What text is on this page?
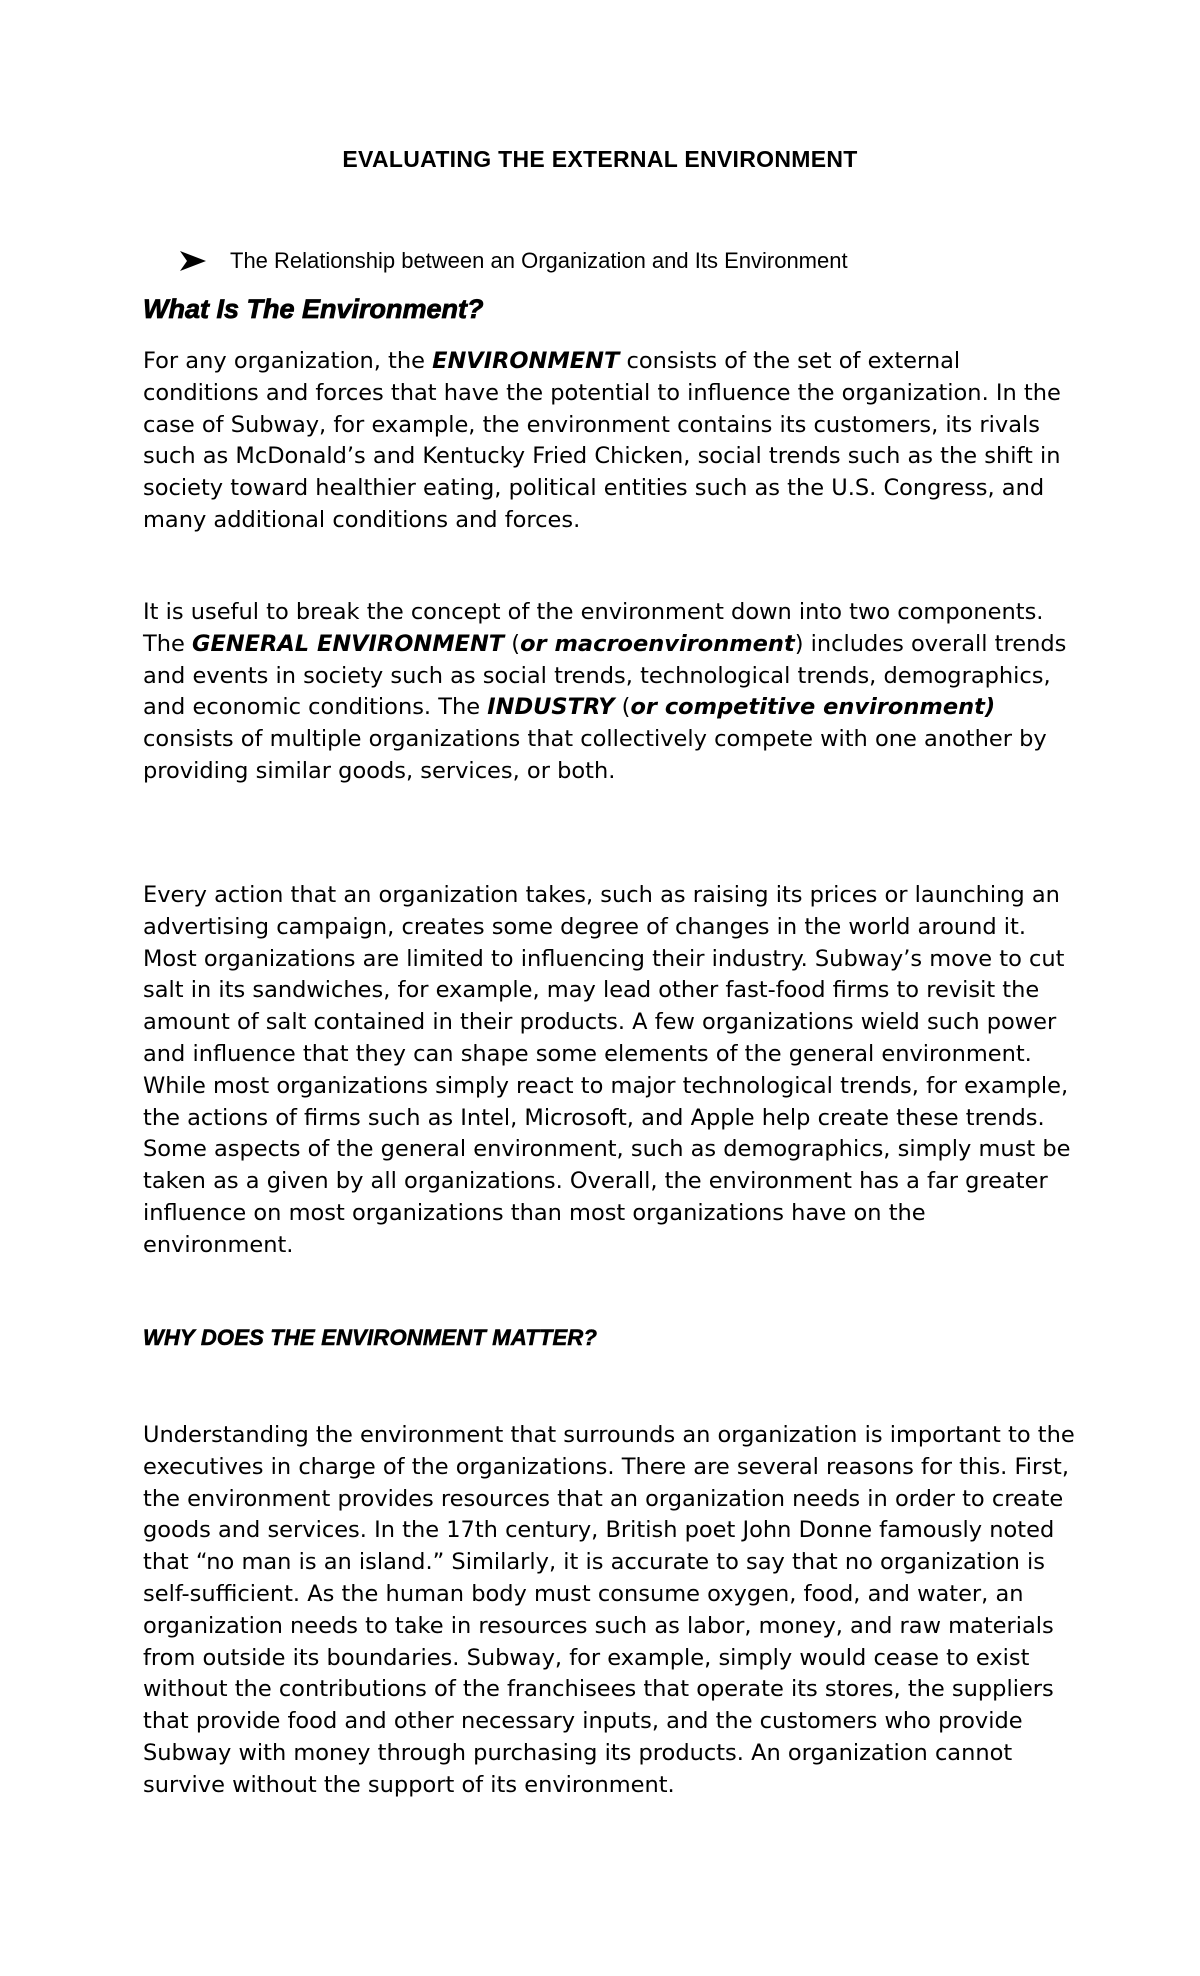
EVALUATING THE EXTERNAL ENVIRONMENT
The Relationship between an Organization and Its Environment
What Is The Environment?

For any organization, the ENVIRONMENT consists of the set of external conditions and forces that have the potential to influence the organization. In the case of Subway, for example, the environment contains its customers, its rivals such as McDonald’s and Kentucky Fried Chicken, social trends such as the shift in society toward healthier eating, political entities such as the U.S. Congress, and many additional conditions and forces.

It is useful to break the concept of the environment down into two components. The GENERAL ENVIRONMENT (or macroenvironment) includes overall trends and events in society such as social trends, technological trends, demographics, and economic conditions. The INDUSTRY (or competitive environment) consists of multiple organizations that collectively compete with one another by providing similar goods, services, or both.

Every action that an organization takes, such as raising its prices or launching an advertising campaign, creates some degree of changes in the world around it. Most organizations are limited to influencing their industry. Subway’s move to cut salt in its sandwiches, for example, may lead other fast-food firms to revisit the amount of salt contained in their products. A few organizations wield such power and influence that they can shape some elements of the general environment. While most organizations simply react to major technological trends, for example, the actions of firms such as Intel, Microsoft, and Apple help create these trends. Some aspects of the general environment, such as demographics, simply must be taken as a given by all organizations. Overall, the environment has a far greater influence on most organizations than most organizations have on the environment.

WHY DOES THE ENVIRONMENT MATTER?

Understanding the environment that surrounds an organization is important to the executives in charge of the organizations. There are several reasons for this. First, the environment provides resources that an organization needs in order to create goods and services. In the 17th century, British poet John Donne famously noted that “no man is an island.” Similarly, it is accurate to say that no organization is self-sufficient. As the human body must consume oxygen, food, and water, an organization needs to take in resources such as labor, money, and raw materials from outside its boundaries. Subway, for example, simply would cease to exist without the contributions of the franchisees that operate its stores, the suppliers that provide food and other necessary inputs, and the customers who provide Subway with money through purchasing its products. An organization cannot survive without the support of its environment.
